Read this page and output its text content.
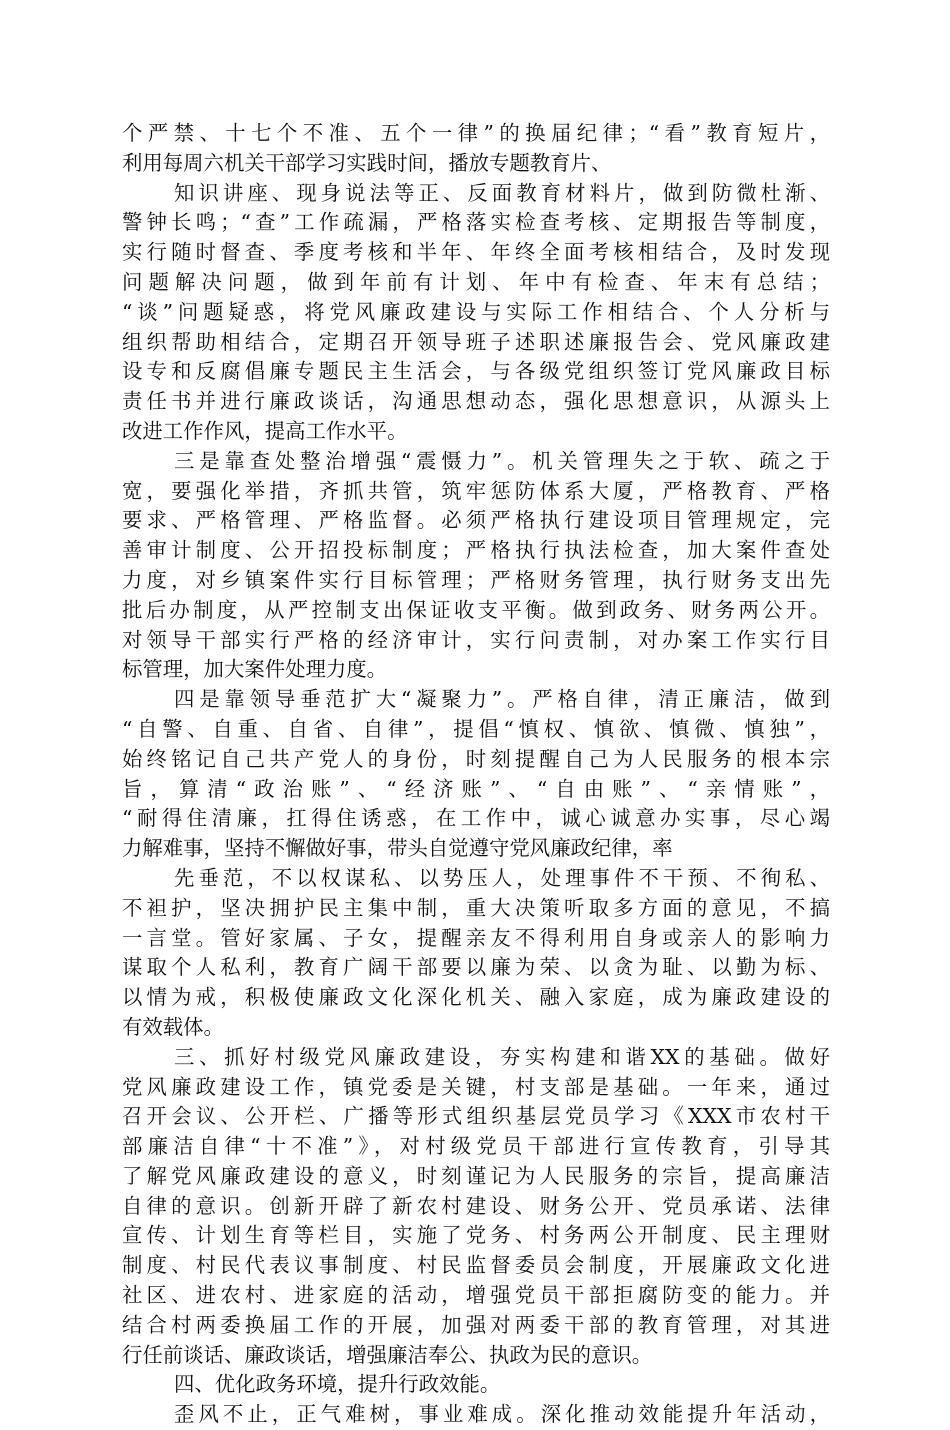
个严禁、十七个不准、五个一律”的换届纪律；“看”教育短片，
利用每周六机关干部学习实践时间，播放专题教育片、
知识讲座、现身说法等正、反面教育材料片，做到防微杜渐、
警钟长鸣；“查”工作疏漏，严格落实检查考核、定期报告等制度，
实行随时督查、季度考核和半年、年终全面考核相结合，及时发现
问题解决问题，做到年前有计划、年中有检查、年末有总结；
“谈”问题疑惑，将党风廉政建设与实际工作相结合、个人分析与
组织帮助相结合，定期召开领导班子述职述廉报告会、党风廉政建
设专和反腐倡廉专题民主生活会，与各级党组织签订党风廉政目标
责任书并进行廉政谈话，沟通思想动态，强化思想意识，从源头上
改进工作作风，提高工作水平。
三是靠查处整治增强“震慑力”。机关管理失之于软、疏之于
宽，要强化举措，齐抓共管，筑牢惩防体系大厦，严格教育、严格
要求、严格管理、严格监督。必须严格执行建设项目管理规定，完
善审计制度、公开招投标制度；严格执行执法检查，加大案件查处
力度，对乡镇案件实行目标管理；严格财务管理，执行财务支出先
批后办制度，从严控制支出保证收支平衡。做到政务、财务两公开。
对领导干部实行严格的经济审计，实行问责制，对办案工作实行目
标管理，加大案件处理力度。
四是靠领导垂范扩大“凝聚力”。严格自律，清正廉洁，做到
“自警、自重、自省、自律”，提倡“慎权、慎欲、慎微、慎独”，
始终铭记自己共产党人的身份，时刻提醒自己为人民服务的根本宗
旨，算清“政治账”、“经济账”、“自由账”、“亲情账”，
“耐得住清廉，扛得住诱惑，在工作中，诚心诚意办实事，尽心竭
力解难事，坚持不懈做好事，带头自觉遵守党风廉政纪律，率
先垂范，不以权谋私、以势压人，处理事件不干预、不徇私、
不袒护，坚决拥护民主集中制，重大决策听取多方面的意见，不搞
一言堂。管好家属、子女，提醒亲友不得利用自身或亲人的影响力
谋取个人私利，教育广阔干部要以廉为荣、以贪为耻、以勤为标、
以情为戒，积极使廉政文化深化机关、融入家庭，成为廉政建设的
有效载体。
三、抓好村级党风廉政建设，夯实构建和谐XX的基础。做好
党风廉政建设工作，镇党委是关键，村支部是基础。一年来，通过
召开会议、公开栏、广播等形式组织基层党员学习《XXX市农村干
部廉洁自律“十不准”》，对村级党员干部进行宣传教育，引导其
了解党风廉政建设的意义，时刻谨记为人民服务的宗旨，提高廉洁
自律的意识。创新开辟了新农村建设、财务公开、党员承诺、法律
宣传、计划生育等栏目，实施了党务、村务两公开制度、民主理财
制度、村民代表议事制度、村民监督委员会制度，开展廉政文化进
社区、进农村、进家庭的活动，增强党员干部拒腐防变的能力。并
结合村两委换届工作的开展，加强对两委干部的教育管理，对其进
行任前谈话、廉政谈话，增强廉洁奉公、执政为民的意识。
四、优化政务环境，提升行政效能。
歪风不止，正气难树，事业难成。深化推动效能提升年活动，
